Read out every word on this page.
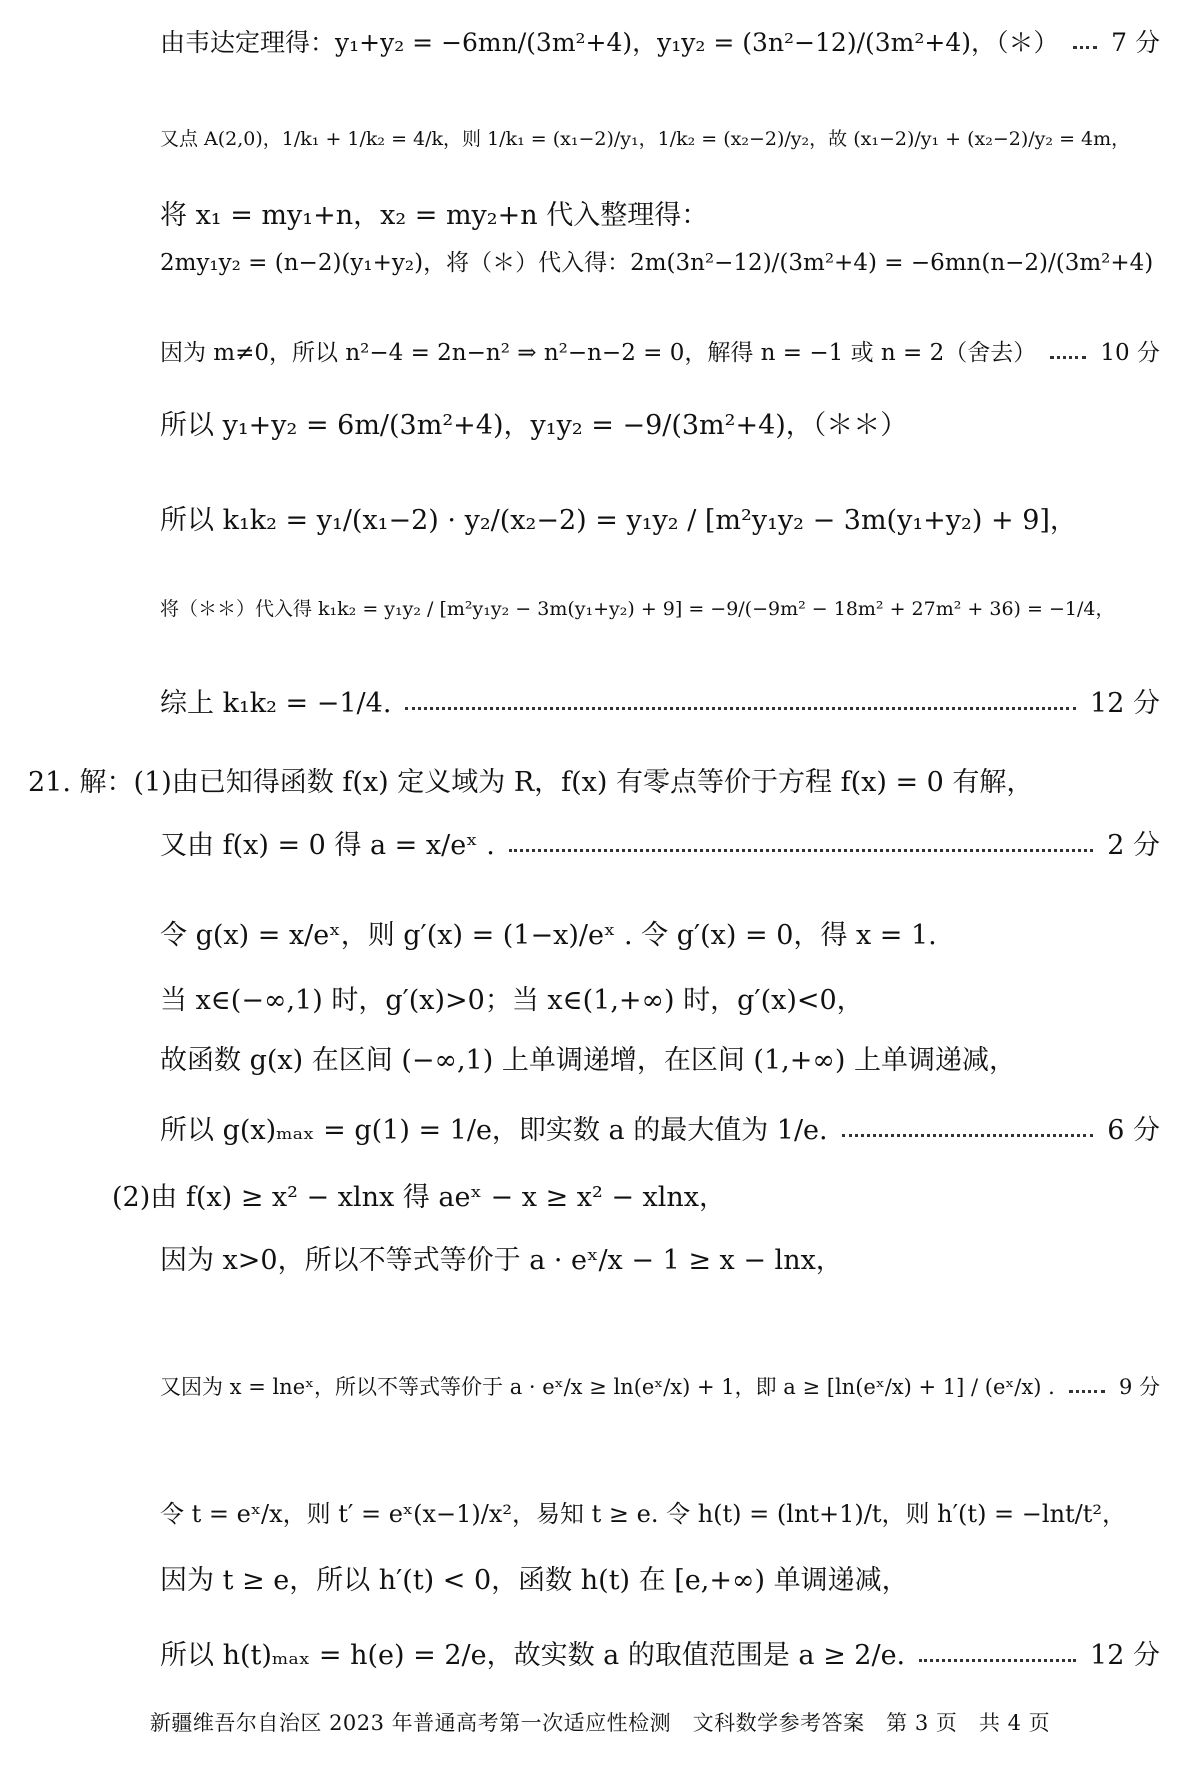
由韦达定理得：y₁+y₂ = −6mn/(3m²+4)，y₁y₂ = (3n²−12)/(3m²+4)，（＊） 7 分
又点 A(2,0)，1/k₁ + 1/k₂ = 4/k，则 1/k₁ = (x₁−2)/y₁，1/k₂ = (x₂−2)/y₂，故 (x₁−2)/y₁ + (x₂−2)/y₂ = 4m，
将 x₁ = my₁+n，x₂ = my₂+n 代入整理得：
2my₁y₂ = (n−2)(y₁+y₂)，将（＊）代入得：2m(3n²−12)/(3m²+4) = −6mn(n−2)/(3m²+4)
因为 m≠0，所以 n²−4 = 2n−n² ⇒ n²−n−2 = 0，解得 n = −1 或 n = 2（舍去）	10 分
所以 y₁+y₂ = 6m/(3m²+4)，y₁y₂ = −9/(3m²+4)，（＊＊）
所以 k₁k₂ = y₁/(x₁−2) · y₂/(x₂−2) = y₁y₂ / [m²y₁y₂ − 3m(y₁+y₂) + 9]，
将（＊＊）代入得 k₁k₂ = y₁y₂ / [m²y₁y₂ − 3m(y₁+y₂) + 9] = −9/(−9m² − 18m² + 27m² + 36) = −1/4，
综上 k₁k₂ = −1/4.	12 分
21. 解：(1)由已知得函数 f(x) 定义域为 R，f(x) 有零点等价于方程 f(x) = 0 有解，
又由 f(x) = 0 得 a = x/eˣ .	2 分
令 g(x) = x/eˣ，则 g′(x) = (1−x)/eˣ . 令 g′(x) = 0，得 x = 1.
当 x∈(−∞,1) 时，g′(x)>0；当 x∈(1,+∞) 时，g′(x)<0，
故函数 g(x) 在区间 (−∞,1) 上单调递增，在区间 (1,+∞) 上单调递减，
所以 g(x)ₘₐₓ = g(1) = 1/e，即实数 a 的最大值为 1/e.	6 分
(2)由 f(x) ≥ x² − xlnx 得 aeˣ − x ≥ x² − xlnx，
因为 x>0，所以不等式等价于 a · eˣ/x − 1 ≥ x − lnx，
又因为 x = lneˣ，所以不等式等价于 a · eˣ/x ≥ ln(eˣ/x) + 1，即 a ≥ [ln(eˣ/x) + 1] / (eˣ/x) .	9 分
令 t = eˣ/x，则 t′ = eˣ(x−1)/x²，易知 t ≥ e. 令 h(t) = (lnt+1)/t，则 h′(t) = −lnt/t²，
因为 t ≥ e，所以 h′(t) < 0，函数 h(t) 在 [e,+∞) 单调递减，
所以 h(t)ₘₐₓ = h(e) = 2/e，故实数 a 的取值范围是 a ≥ 2/e.	12 分
新疆维吾尔自治区 2023 年普通高考第一次适应性检测　文科数学参考答案　第 3 页　共 4 页
